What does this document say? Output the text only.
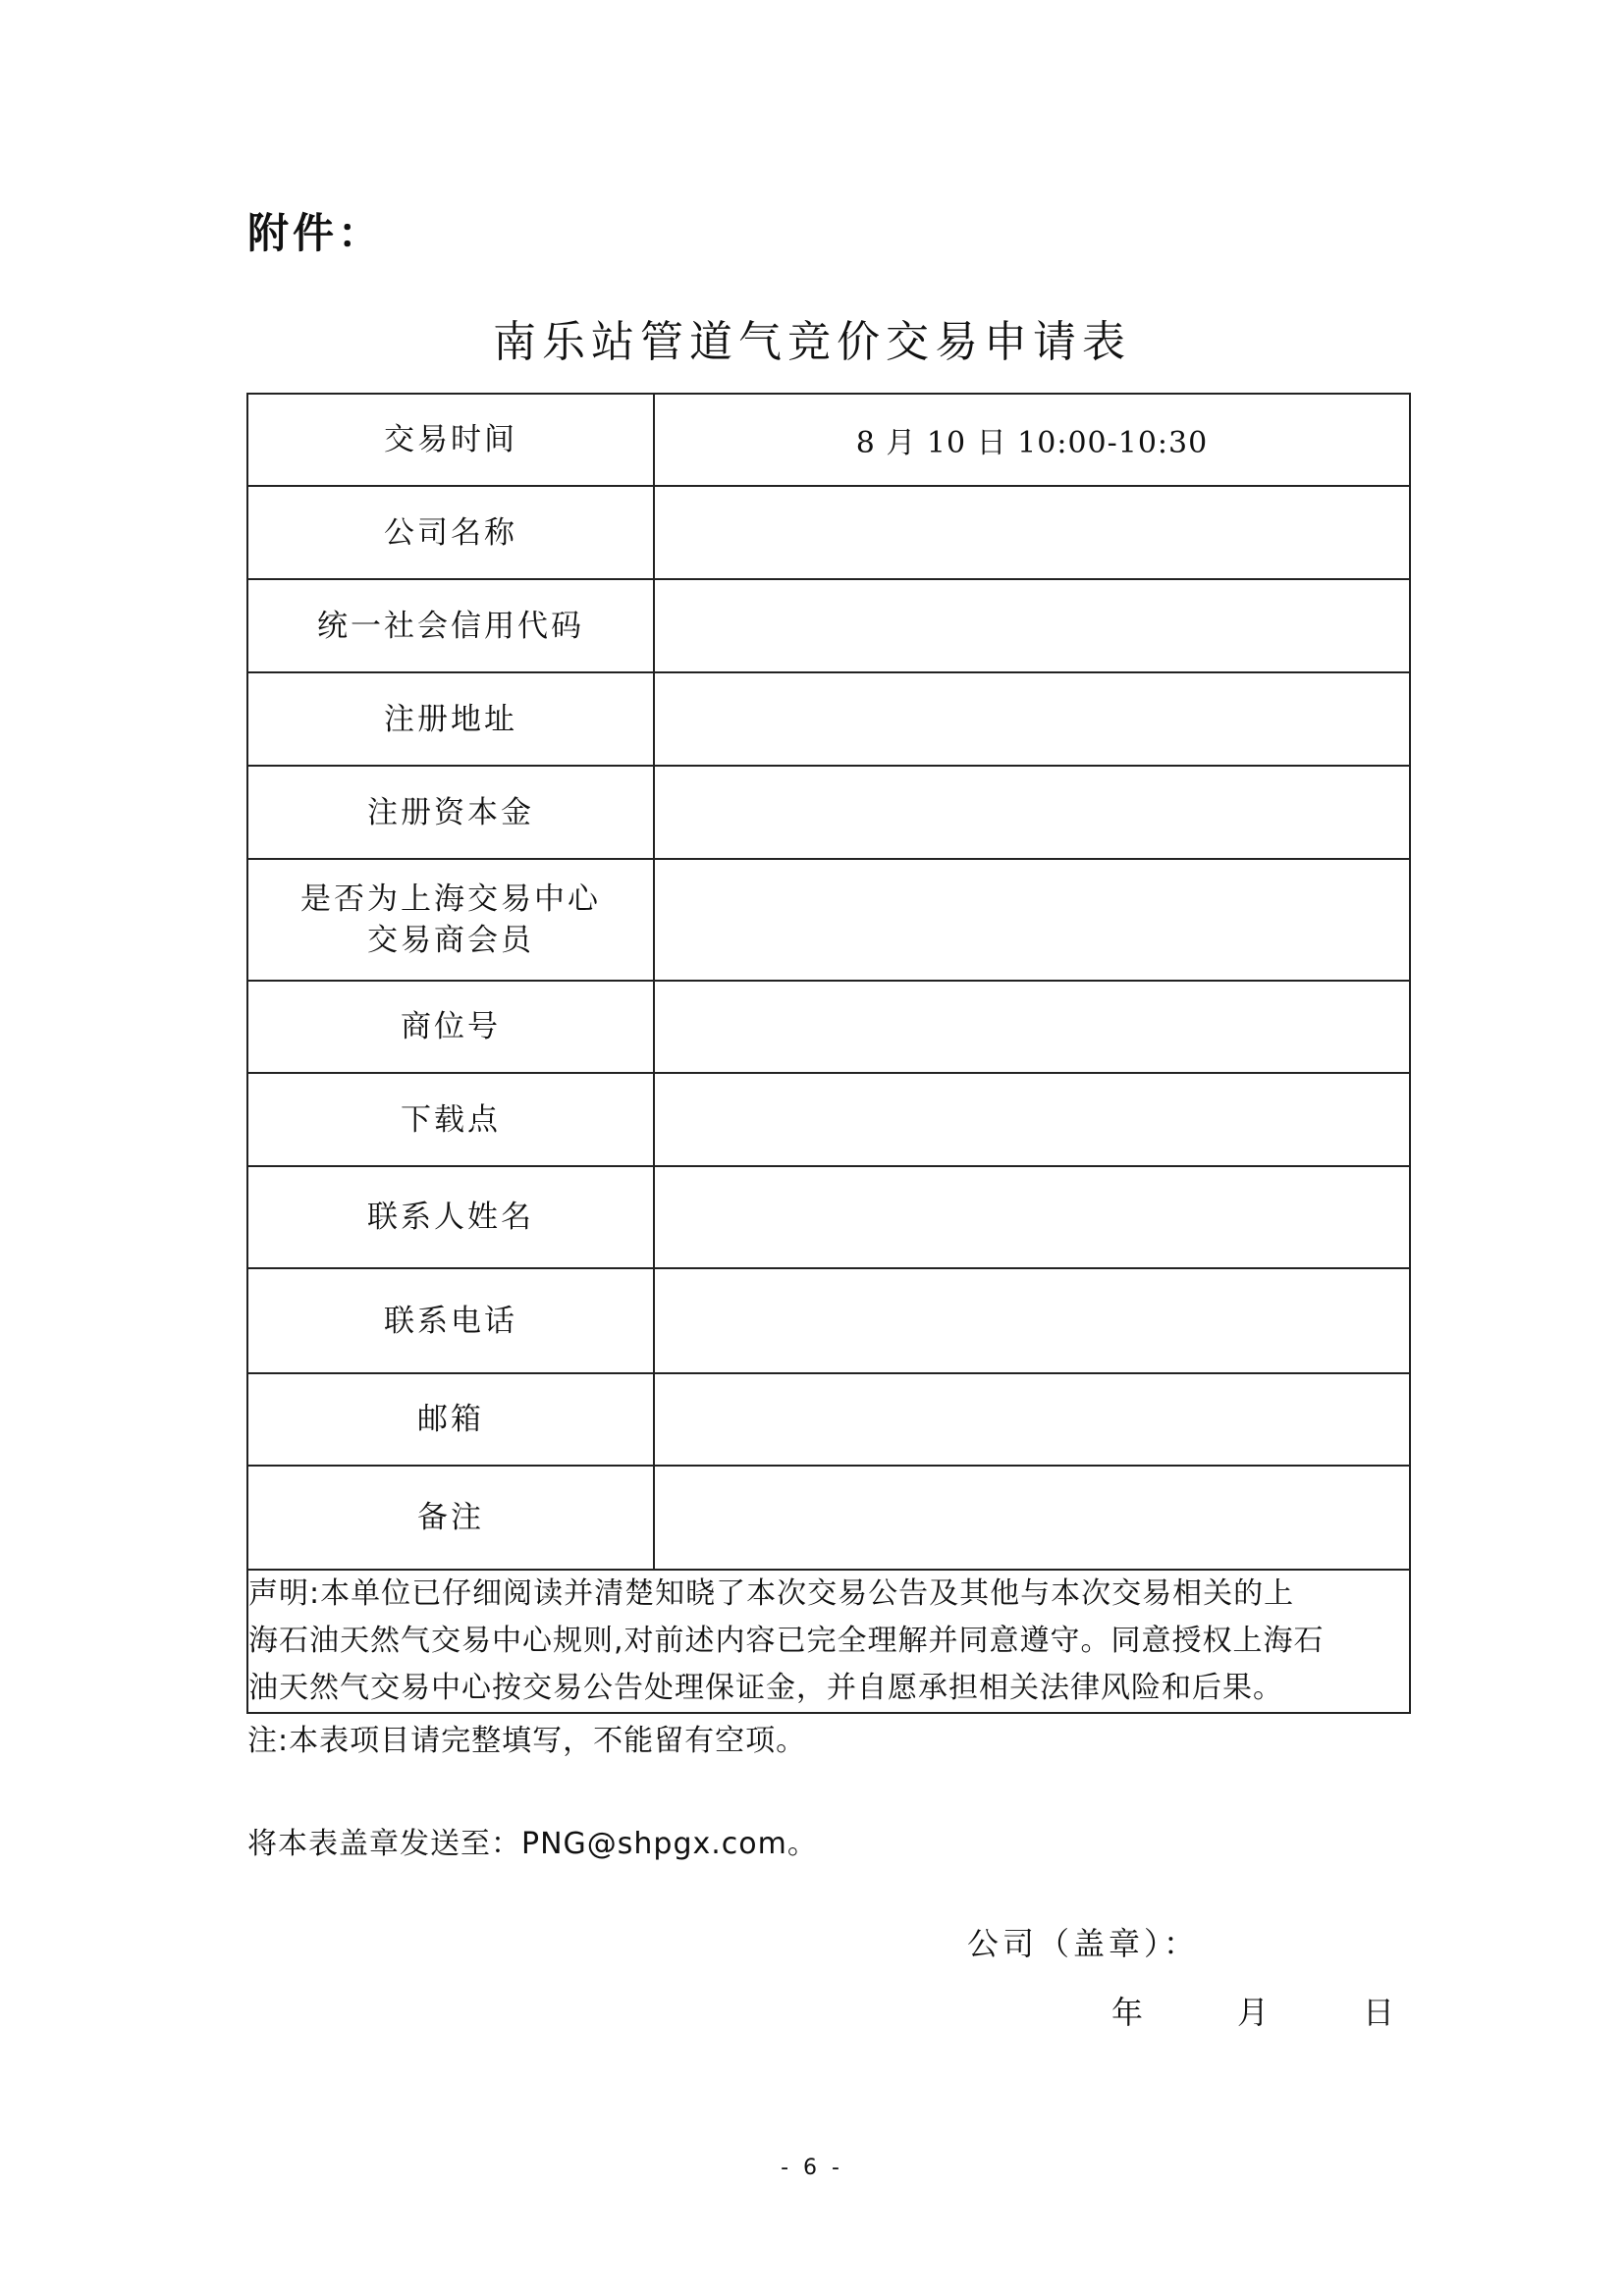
附件：
南乐站管道气竞价交易申请表
交易时间	8 月 10 日 10:00-10:30
公司名称	
统一社会信用代码	
注册地址	
注册资本金	

是否为上海交易中心
交易商会员	

商位号	
下载点	
联系人姓名	
联系电话	
邮箱	
备注	

声明:本单位已仔细阅读并清楚知晓了本次交易公告及其他与本次交易相关的上
海石油天然气交易中心规则,对前述内容已完全理解并同意遵守。同意授权上海石
油天然气交易中心按交易公告处理保证金，并自愿承担相关法律风险和后果。	
注:本表项目请完整填写，不能留有空项。
将本表盖章发送至：PNG@shpgx.com。
公司（盖章）：
年	月	日
- 6 -
